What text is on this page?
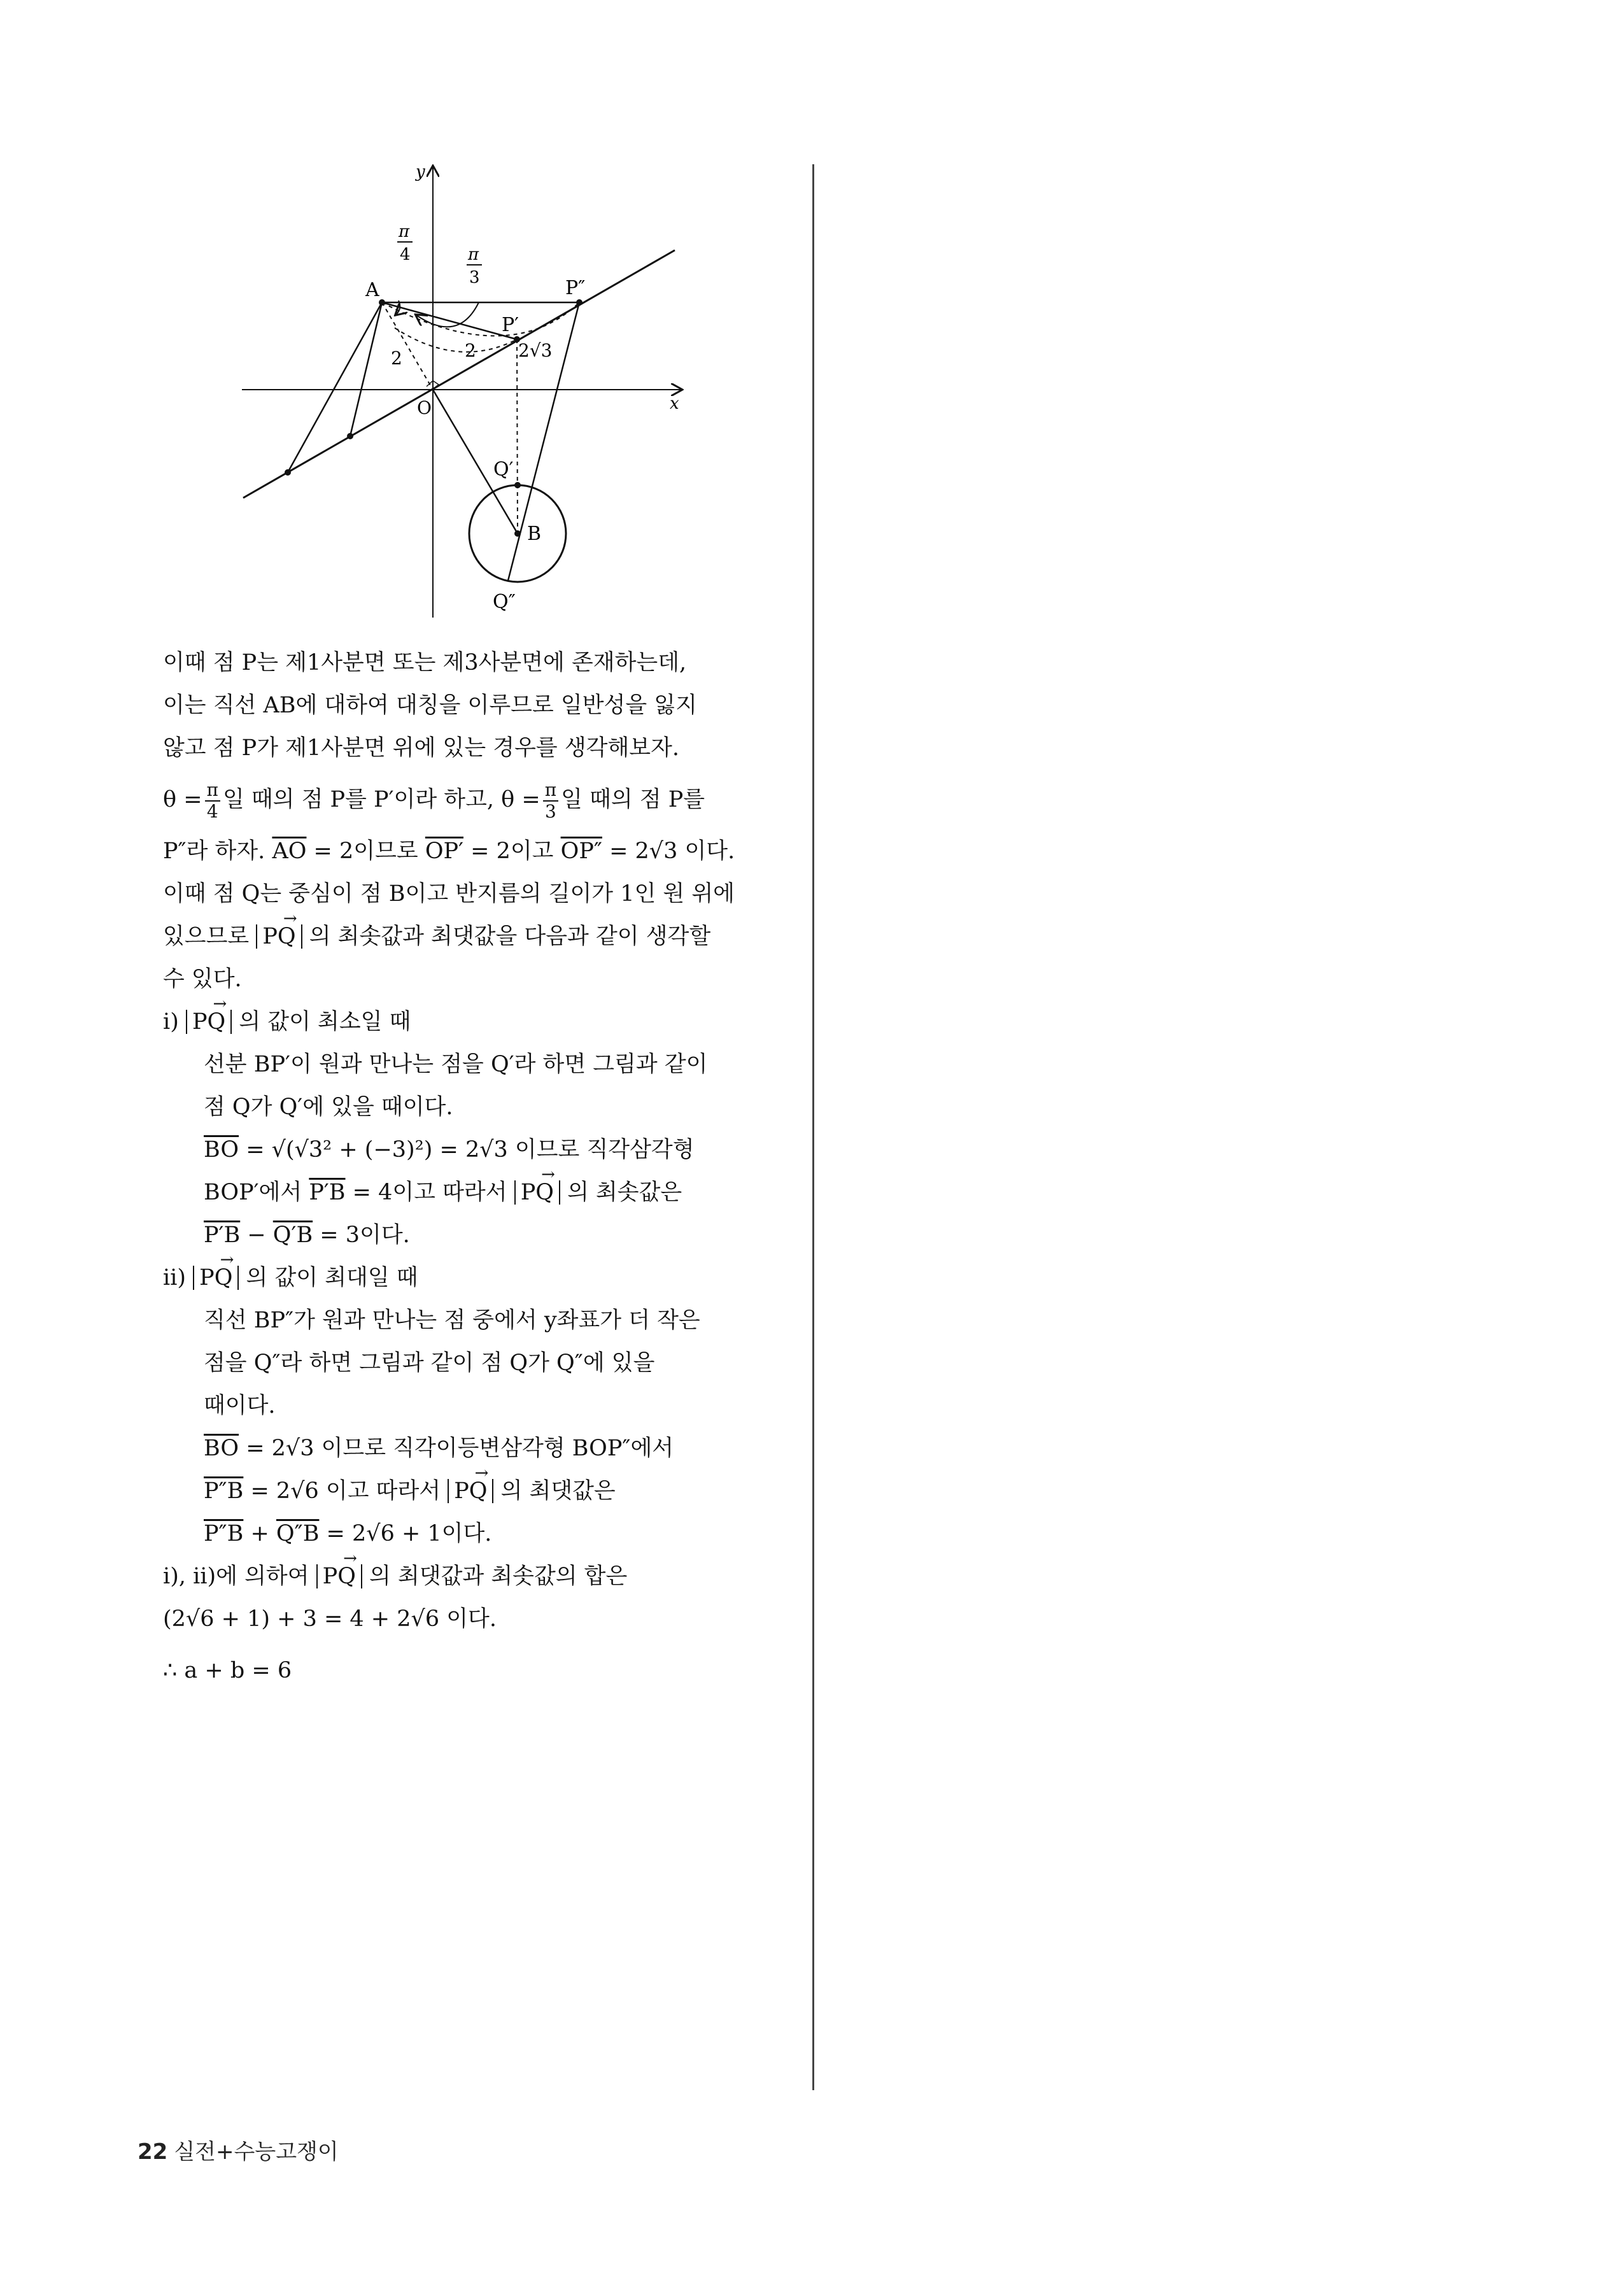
y
x
O
A
B
P′
P″
Q′
Q″
π
4	π
3
2	2 2√3
이때 점 P는 제1사분면 또는 제3사분면에 존재하는데,
이는 직선 AB에 대하여 대칭을 이루므로 일반성을 잃지
않고 점 P가 제1사분면 위에 있는 경우를 생각해보자.
$\theta = \frac{\pi}{4}$ 일 때의 점 P를 P′이라 하고, $\theta = \frac{\pi}{3}$ 일 때의 점 P를
P″라 하자. $\overline{AO} = 2$이므로 OP′ = 2이고 OP″ = 2√3 이다.
이때 점 Q는 중심이 점 B이고 반지름의 길이가 1인 원 위에
있으므로 → PQ 의 최솟값과 최댓값을 다음과 같이 생각할
수 있다.
ⅰ) → PQ 의 값이 최소일 때
선분 BP′이 원과 만나는 점을 Q′라 하면 그림과 같이
점 Q가 Q′에 있을 때이다.
$\overline{BO} = √(√3^2 + (-3)^2) = 2√3$ 이므로 직각삼각형
BOP′에서 P′B = 4이고 따라서 → PQ 의 최솟값은
P′B − Q′B = 3이다.
ⅱ) → PQ 의 값이 최대일 때
직선 BP″가 원과 만나는 점 중에서 y좌표가 더 작은
점을 Q″라 하면 그림과 같이 점 Q가 Q″에 있을
때이다.
$\overline{BO} = 2√3$ 이므로 직각이등변삼각형 BOP″에서
P″B = 2√6 이고 따라서 → PQ 의 최댓값은
P″B + Q″B = 2√6 + 1이다.
ⅰ), ⅱ)에 의하여 → PQ 의 최댓값과 최솟값의 합은
(2√6 + 1) + 3 = 4 + 2√6 이다.
∴ a + b = 6
22 실전+수능고쟁이
